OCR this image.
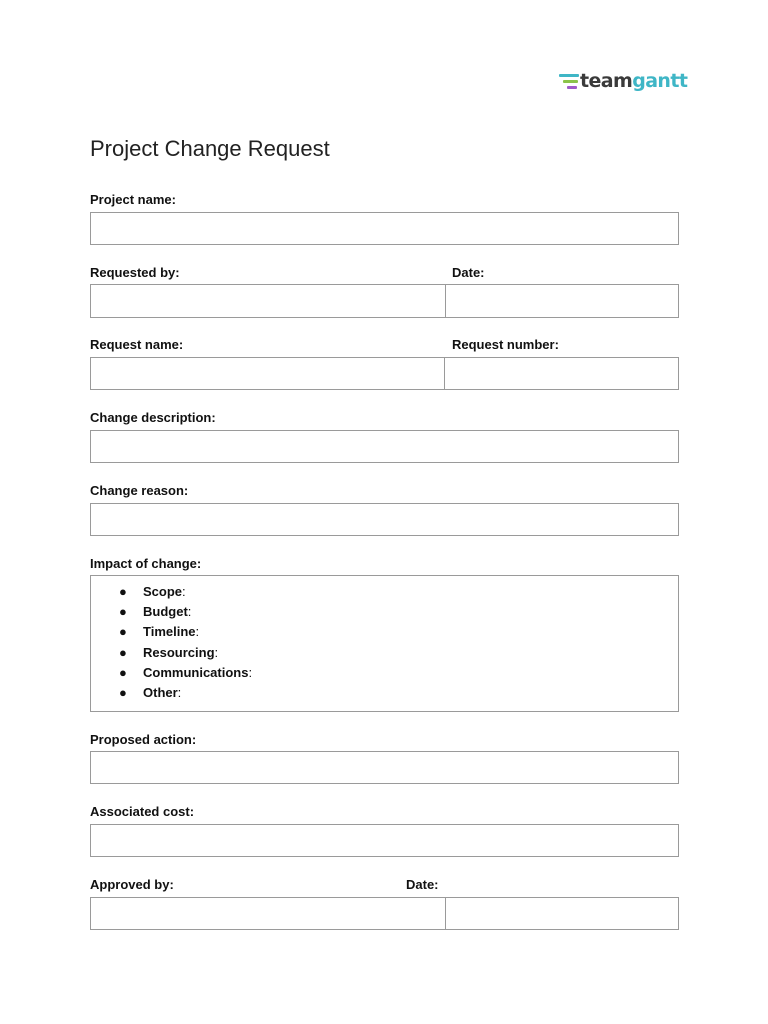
teamgantt
Project Change Request
Project name:
Requested by:	Date:
Request name:	Request number:
Change description:
Change reason:
Impact of change:
●	Scope :
●	Budget :
●	Timeline :
●	Resourcing :
●	Communications :
●	Other :
Proposed action:
Associated cost:
Approved by:	Date:
